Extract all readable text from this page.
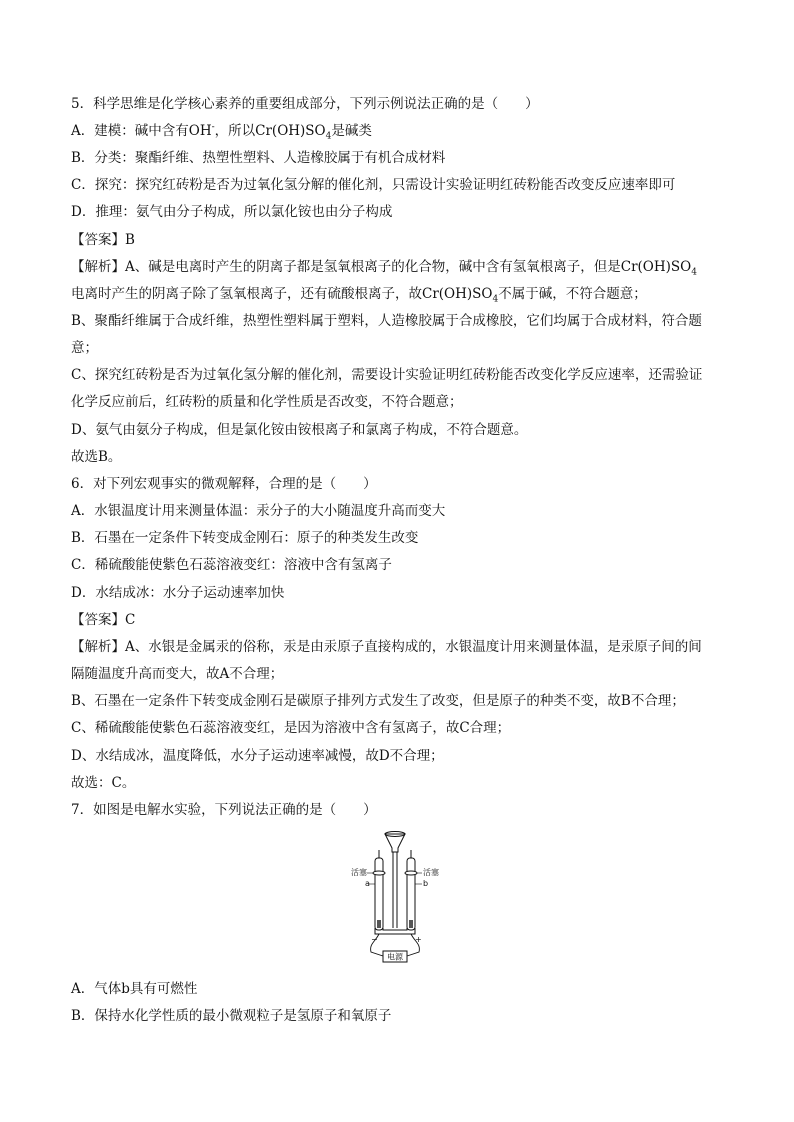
5．科学思维是化学核心素养的重要组成部分，下列示例说法正确的是（　　）
A．建模：碱中含有OH-，所以$Cr(OH)SO_4$是碱类
B．分类：聚酯纤维、热塑性塑料、人造橡胶属于有机合成材料
C．探究：探究红砖粉是否为过氧化氢分解的催化剂，只需设计实验证明红砖粉能否改变反应速率即可
D．推理：氨气由分子构成，所以氯化铵也由分子构成
【答案】B
【解析】A、碱是电离时产生的阴离子都是氢氧根离子的化合物，碱中含有氢氧根离子，但是$Cr(OH)SO_4$
电离时产生的阴离子除了氢氧根离子，还有硫酸根离子，故$Cr(OH)SO_4$不属于碱，不符合题意；
B、聚酯纤维属于合成纤维，热塑性塑料属于塑料，人造橡胶属于合成橡胶，它们均属于合成材料，符合题
意；
C、探究红砖粉是否为过氧化氢分解的催化剂，需要设计实验证明红砖粉能否改变化学反应速率，还需验证
化学反应前后，红砖粉的质量和化学性质是否改变，不符合题意；
D、氨气由氨分子构成，但是氯化铵由铵根离子和氯离子构成，不符合题意。
故选B。
6．对下列宏观事实的微观解释，合理的是（　　）
A．水银温度计用来测量体温：汞分子的大小随温度升高而变大
B．石墨在一定条件下转变成金刚石：原子的种类发生改变
C．稀硫酸能使紫色石蕊溶液变红：溶液中含有氢离子
D．水结成冰：水分子运动速率加快
【答案】C
【解析】A、水银是金属汞的俗称，汞是由汞原子直接构成的，水银温度计用来测量体温，是汞原子间的间
隔随温度升高而变大，故A不合理；
B、石墨在一定条件下转变成金刚石是碳原子排列方式发生了改变，但是原子的种类不变，故B不合理；
C、稀硫酸能使紫色石蕊溶液变红，是因为溶液中含有氢离子，故C合理；
D、水结成冰，温度降低，水分子运动速率减慢，故D不合理；
故选：C。
7．如图是电解水实验，下列说法正确的是（　　）
电源
活塞
a
活塞
b
−	+
A．气体b具有可燃性
B．保持水化学性质的最小微观粒子是氢原子和氧原子
